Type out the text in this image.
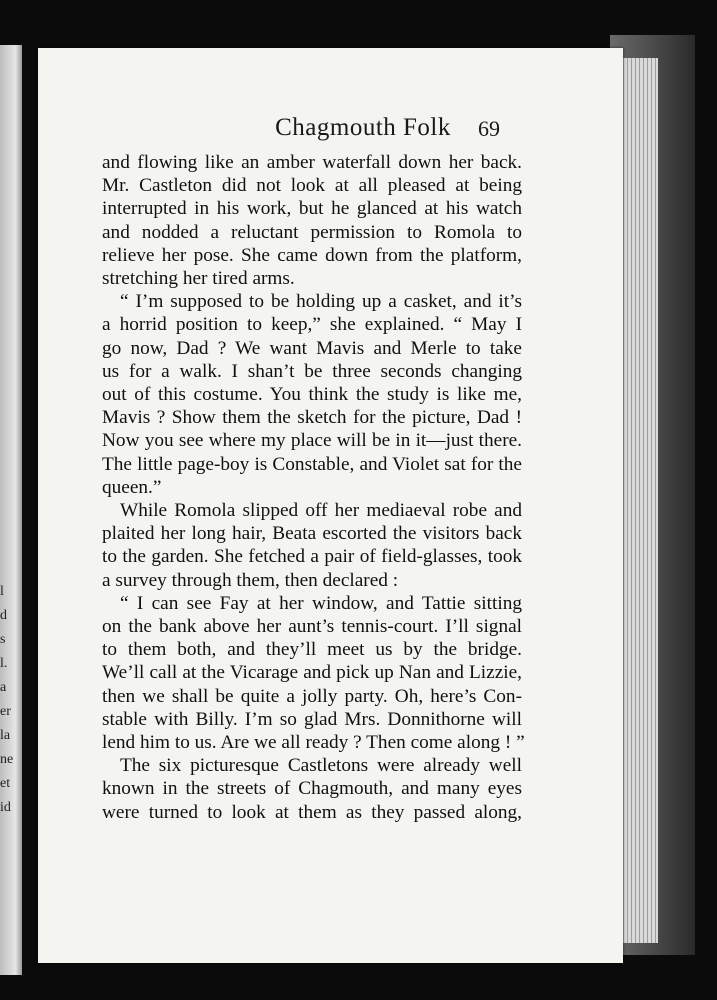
l
d
s
l.
a
er
la
ne
et
id
Chagmouth Folk	69
and flowing like an amber waterfall down her back.
Mr. Castleton did not look at all pleased at being
interrupted in his work, but he glanced at his watch
and nodded a reluctant permission to Romola to
relieve her pose. She came down from the platform,
stretching her tired arms.
“ I’m supposed to be holding up a casket, and it’s
a horrid position to keep,” she explained. “ May I
go now, Dad ? We want Mavis and Merle to take
us for a walk. I shan’t be three seconds changing
out of this costume. You think the study is like me,
Mavis ? Show them the sketch for the picture, Dad !
Now you see where my place will be in it—just there.
The little page-boy is Constable, and Violet sat for the
queen.”
While Romola slipped off her mediaeval robe and
plaited her long hair, Beata escorted the visitors back
to the garden. She fetched a pair of field-glasses, took
a survey through them, then declared :
“ I can see Fay at her window, and Tattie sitting
on the bank above her aunt’s tennis-court. I’ll signal
to them both, and they’ll meet us by the bridge.
We’ll call at the Vicarage and pick up Nan and Lizzie,
then we shall be quite a jolly party. Oh, here’s Con-
stable with Billy. I’m so glad Mrs. Donnithorne will
lend him to us. Are we all ready ? Then come along ! ”
The six picturesque Castletons were already well
known in the streets of Chagmouth, and many eyes
were turned to look at them as they passed along,
